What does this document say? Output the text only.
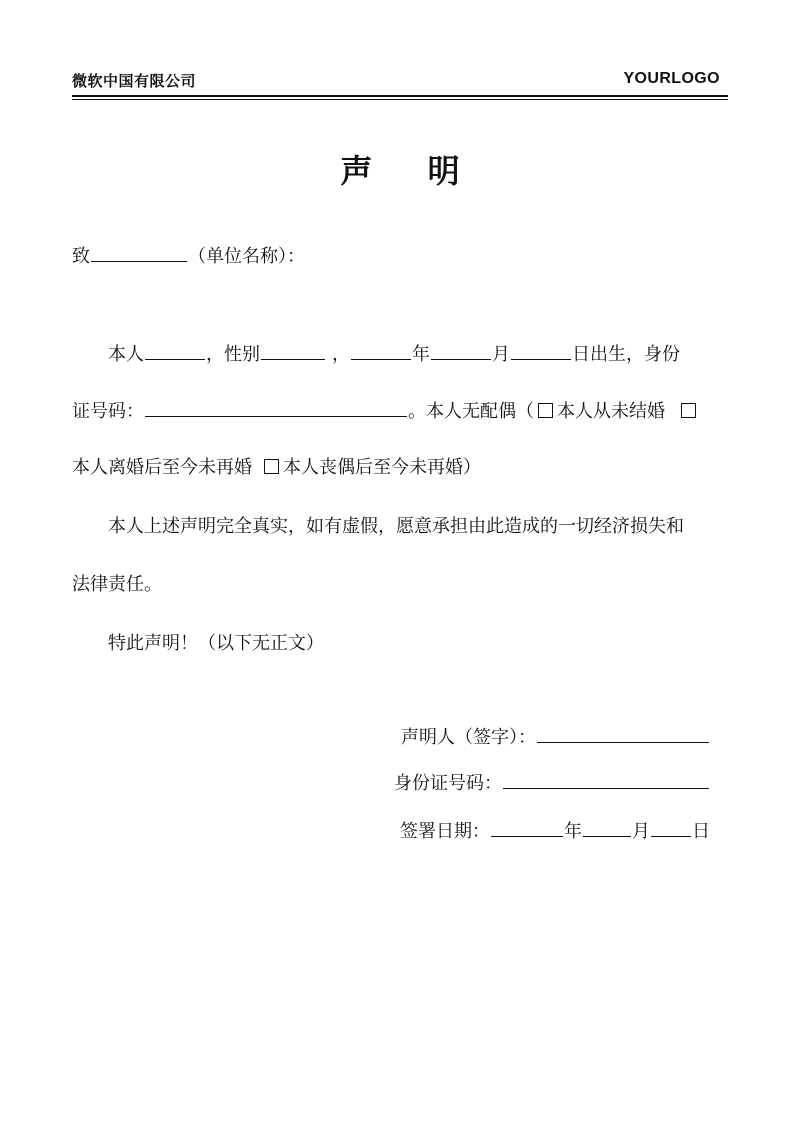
微软中国有限公司	YOURLOGO
声 明
致	（单位名称）：
本人	，性别	，	年	月	日出生，身份
证号码：	。本人无配偶（ 本人从未结婚
本人离婚后至今未再婚 本人丧偶后至今未再婚）
本人上述声明完全真实，如有虚假，愿意承担由此造成的一切经济损失和
法律责任。
特此声明！（以下无正文）
声明人（签字）：
身份证号码：
签署日期：	年	月 日
